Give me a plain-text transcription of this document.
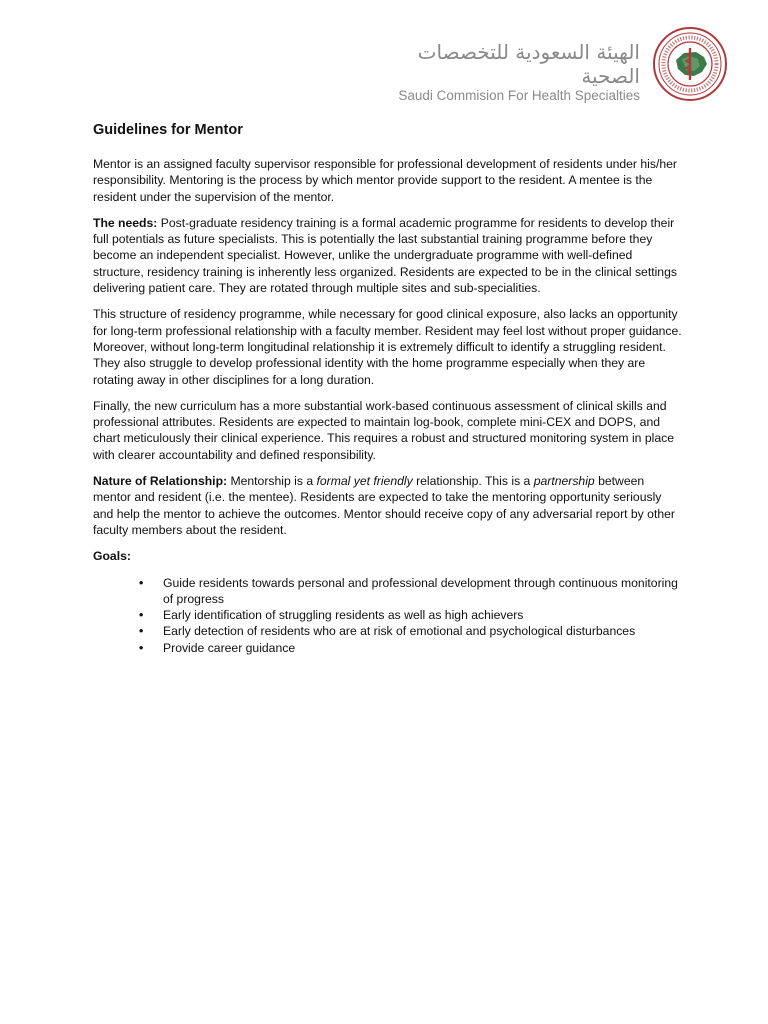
الهيئة السعودية للتخصصات الصحية
Saudi Commision For Health Specialties
Guidelines for Mentor

Mentor is an assigned faculty supervisor responsible for professional development of residents under his/her responsibility. Mentoring is the process by which mentor provide support to the resident. A mentee is the resident under the supervision of the mentor.

The needs: Post-graduate residency training is a formal academic programme for residents to develop their full potentials as future specialists. This is potentially the last substantial training programme before they become an independent specialist. However, unlike the undergraduate programme with well-defined structure, residency training is inherently less organized. Residents are expected to be in the clinical settings delivering patient care. They are rotated through multiple sites and sub-specialities.

This structure of residency programme, while necessary for good clinical exposure, also lacks an opportunity for long-term professional relationship with a faculty member. Resident may feel lost without proper guidance. Moreover, without long-term longitudinal relationship it is extremely difficult to identify a struggling resident. They also struggle to develop professional identity with the home programme especially when they are rotating away in other disciplines for a long duration.

Finally, the new curriculum has a more substantial work-based continuous assessment of clinical skills and professional attributes. Residents are expected to maintain log-book, complete mini-CEX and DOPS, and chart meticulously their clinical experience. This requires a robust and structured monitoring system in place with clearer accountability and defined responsibility.

Nature of Relationship: Mentorship is a formal yet friendly relationship. This is a partnership between mentor and resident (i.e. the mentee). Residents are expected to take the mentoring opportunity seriously and help the mentor to achieve the outcomes. Mentor should receive copy of any adversarial report by other faculty members about the resident.

Goals:
• Guide residents towards personal and professional development through continuous monitoring of progress
• Early identification of struggling residents as well as high achievers
• Early detection of residents who are at risk of emotional and psychological disturbances
• Provide career guidance
